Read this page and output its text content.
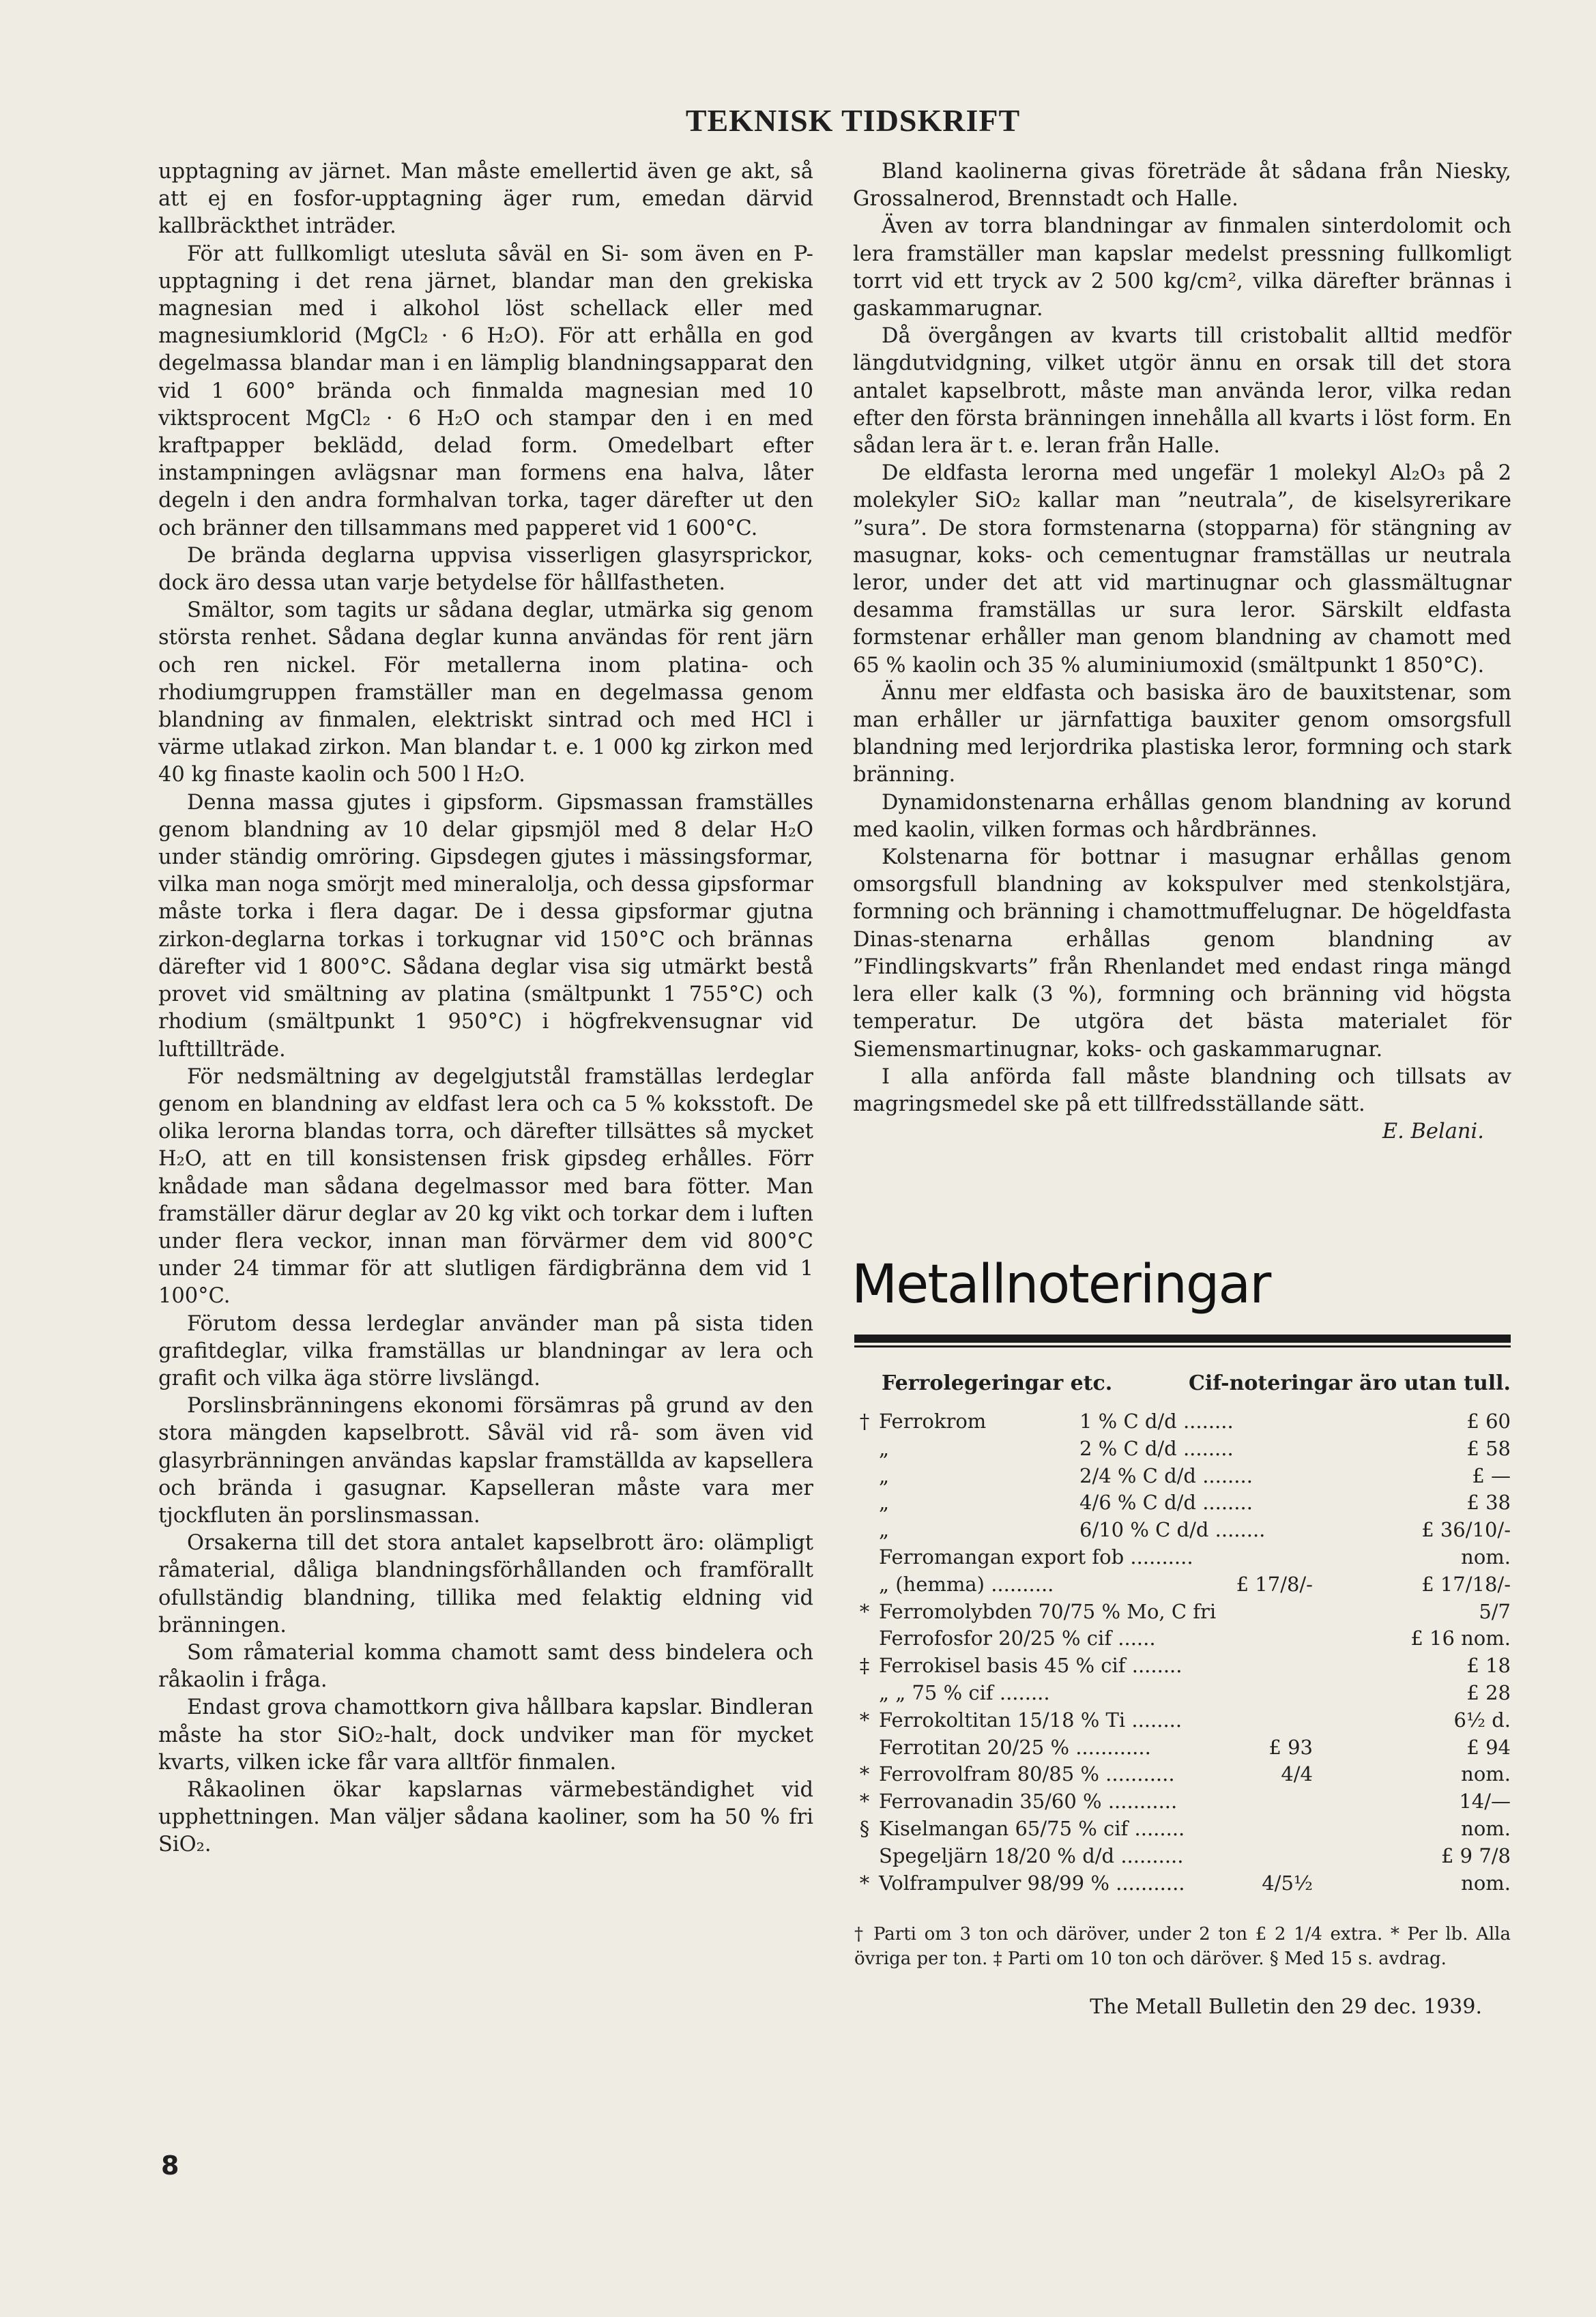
TEKNISK TIDSKRIFT

upptagning av järnet. Man måste emellertid även ge akt, så att ej en fosfor-upptagning äger rum, emedan därvid kallbräckthet inträder.

För att fullkomligt utesluta såväl en Si- som även en P-upptagning i det rena järnet, blandar man den grekiska magnesian med i alkohol löst schellack eller med magnesiumklorid (MgCl₂ · 6 H₂O). För att erhålla en god degelmassa blandar man i en lämplig blandningsapparat den vid 1 600° brända och finmalda magnesian med 10 viktsprocent MgCl₂ · 6 H₂O och stampar den i en med kraftpapper beklädd, delad form. Omedelbart efter instampningen avlägsnar man formens ena halva, låter degeln i den andra formhalvan torka, tager därefter ut den och bränner den tillsammans med papperet vid 1 600°C.

De brända deglarna uppvisa visserligen glasyrsprickor, dock äro dessa utan varje betydelse för hållfastheten.

Smältor, som tagits ur sådana deglar, utmärka sig genom största renhet. Sådana deglar kunna användas för rent järn och ren nickel. För metallerna inom platina- och rhodiumgruppen framställer man en degelmassa genom blandning av finmalen, elektriskt sintrad och med HCl i värme utlakad zirkon. Man blandar t. e. 1 000 kg zirkon med 40 kg finaste kaolin och 500 l H₂O.

Denna massa gjutes i gipsform. Gipsmassan framställes genom blandning av 10 delar gipsmjöl med 8 delar H₂O under ständig omröring. Gipsdegen gjutes i mässingsformar, vilka man noga smörjt med mineralolja, och dessa gipsformar måste torka i flera dagar. De i dessa gipsformar gjutna zirkon-deglarna torkas i torkugnar vid 150°C och brännas därefter vid 1 800°C. Sådana deglar visa sig utmärkt bestå provet vid smältning av platina (smältpunkt 1 755°C) och rhodium (smältpunkt 1 950°C) i högfrekvensugnar vid lufttillträde.

För nedsmältning av degelgjutstål framställas lerdeglar genom en blandning av eldfast lera och ca 5 % koksstoft. De olika lerorna blandas torra, och därefter tillsättes så mycket H₂O, att en till konsistensen frisk gipsdeg erhålles. Förr knådade man sådana degelmassor med bara fötter. Man framställer därur deglar av 20 kg vikt och torkar dem i luften under flera veckor, innan man förvärmer dem vid 800°C under 24 timmar för att slutligen färdigbränna dem vid 1 100°C.

Förutom dessa lerdeglar använder man på sista tiden grafitdeglar, vilka framställas ur blandningar av lera och grafit och vilka äga större livslängd.

Porslinsbränningens ekonomi försämras på grund av den stora mängden kapselbrott. Såväl vid rå- som även vid glasyrbränningen användas kapslar framställda av kapsellera och brända i gasugnar. Kapselleran måste vara mer tjockfluten än porslinsmassan.

Orsakerna till det stora antalet kapselbrott äro: olämpligt råmaterial, dåliga blandningsförhållanden och framförallt ofullständig blandning, tillika med felaktig eldning vid bränningen.

Som råmaterial komma chamott samt dess bindelera och råkaolin i fråga.

Endast grova chamottkorn giva hållbara kapslar. Bindleran måste ha stor SiO₂-halt, dock undviker man för mycket kvarts, vilken icke får vara alltför finmalen.

Råkaolinen ökar kapslarnas värmebeständighet vid upphettningen. Man väljer sådana kaoliner, som ha 50 % fri SiO₂.

Bland kaolinerna givas företräde åt sådana från Niesky, Grossalnerod, Brennstadt och Halle.

Även av torra blandningar av finmalen sinterdolomit och lera framställer man kapslar medelst pressning fullkomligt torrt vid ett tryck av 2 500 kg/cm², vilka därefter brännas i gaskammarugnar.

Då övergången av kvarts till cristobalit alltid medför längdutvidgning, vilket utgör ännu en orsak till det stora antalet kapselbrott, måste man använda leror, vilka redan efter den första bränningen innehålla all kvarts i löst form. En sådan lera är t. e. leran från Halle.

De eldfasta lerorna med ungefär 1 molekyl Al₂O₃ på 2 molekyler SiO₂ kallar man ”neutrala”, de kiselsyrerikare ”sura”. De stora formstenarna (stopparna) för stängning av masugnar, koks- och cementugnar framställas ur neutrala leror, under det att vid martinugnar och glassmältugnar desamma framställas ur sura leror. Särskilt eldfasta formstenar erhåller man genom blandning av chamott med 65 % kaolin och 35 % aluminiumoxid (smältpunkt 1 850°C).

Ännu mer eldfasta och basiska äro de bauxitstenar, som man erhåller ur järnfattiga bauxiter genom omsorgsfull blandning med lerjordrika plastiska leror, formning och stark bränning.

Dynamidonstenarna erhållas genom blandning av korund med kaolin, vilken formas och hårdbrännes.

Kolstenarna för bottnar i masugnar erhållas genom omsorgsfull blandning av kokspulver med stenkolstjära, formning och bränning i chamottmuffelugnar. De högeldfasta Dinas-stenarna erhållas genom blandning av ”Findlingskvarts” från Rhenlandet med endast ringa mängd lera eller kalk (3 %), formning och bränning vid högsta temperatur. De utgöra det bästa materialet för Siemensmartinugnar, koks- och gaskammarugnar.

I alla anförda fall måste blandning och tillsats av magringsmedel ske på ett tillfredsställande sätt.

E. Belani.

Metallnoteringar
Ferrolegeringar etc.	Cif-noteringar äro utan tull.
† Ferrokrom	1 % C d/d ........	£ 60
„	2 % C d/d ........	£ 58
„	2/4 % C d/d ........	£ —
„	4/6 % C d/d ........	£ 38
„	6/10 % C d/d ........	£ 36/10/-
Ferromangan export fob ..........	nom.
„ (hemma) ..........	£ 17/8/-	£ 17/18/-
* Ferromolybden 70/75 % Mo, C fri	5/7
Ferrofosfor 20/25 % cif ......	£ 16 nom.
‡ Ferrokisel basis 45 % cif ........	£ 18
„ „ 75 % cif ........	£ 28
* Ferrokoltitan 15/18 % Ti ........	6½ d.
Ferrotitan 20/25 % ............	£ 93	£ 94
* Ferrovolfram 80/85 % ...........	4/4	nom.
* Ferrovanadin 35/60 % ...........	14/—
§ Kiselmangan 65/75 % cif ........	nom.
Spegeljärn 18/20 % d/d ..........	£ 9 7/8
* Volframpulver 98/99 % ...........	4/5½	nom.

† Parti om 3 ton och däröver, under 2 ton £ 2 1/4 extra. * Per lb. Alla övriga per ton. ‡ Parti om 10 ton och däröver. § Med 15 s. avdrag.

The Metall Bulletin den 29 dec. 1939.
8
